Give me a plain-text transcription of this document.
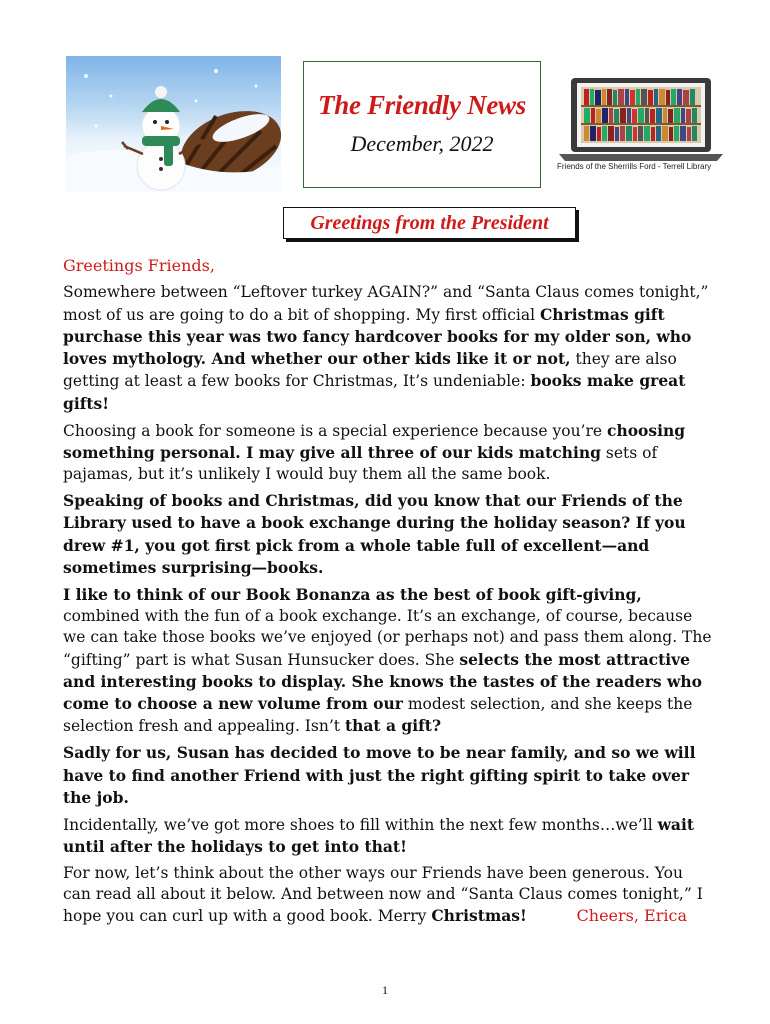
The Friendly News
December, 2022
Friends of the Sherrills Ford - Terrell Library
Greetings from the President

Greetings Friends,

Somewhere between “Leftover turkey AGAIN?” and “Santa Claus comes tonight,” most of us are going to do a bit of shopping. My first official Christmas gift purchase this year was two fancy hardcover books for my older son, who loves mythology. And whether our other kids like it or not, they are also getting at least a few books for Christmas, It’s undeniable: books make great gifts!

Choosing a book for someone is a special experience because you’re choosing something personal. I may give all three of our kids matching sets of pajamas, but it’s unlikely I would buy them all the same book.

Speaking of books and Christmas, did you know that our Friends of the Library used to have a book exchange during the holiday season? If you drew #1, you got first pick from a whole table full of excellent—and sometimes surprising—books.

I like to think of our Book Bonanza as the best of book gift-giving, combined with the fun of a book exchange. It’s an exchange, of course, because we can take those books we’ve enjoyed (or perhaps not) and pass them along. The “gifting” part is what Susan Hunsucker does. She selects the most attractive and interesting books to display. She knows the tastes of the readers who come to choose a new volume from our modest selection, and she keeps the selection fresh and appealing. Isn’t that a gift?

Sadly for us, Susan has decided to move to be near family, and so we will have to find another Friend with just the right gifting spirit to take over the job.

Incidentally, we’ve got more shoes to fill within the next few months…we’ll wait until after the holidays to get into that!

For now, let’s think about the other ways our Friends have been generous. You can read all about it below. And between now and “Santa Claus comes tonight,” I hope you can curl up with a good book. Merry Christmas!	Cheers, Erica

1
